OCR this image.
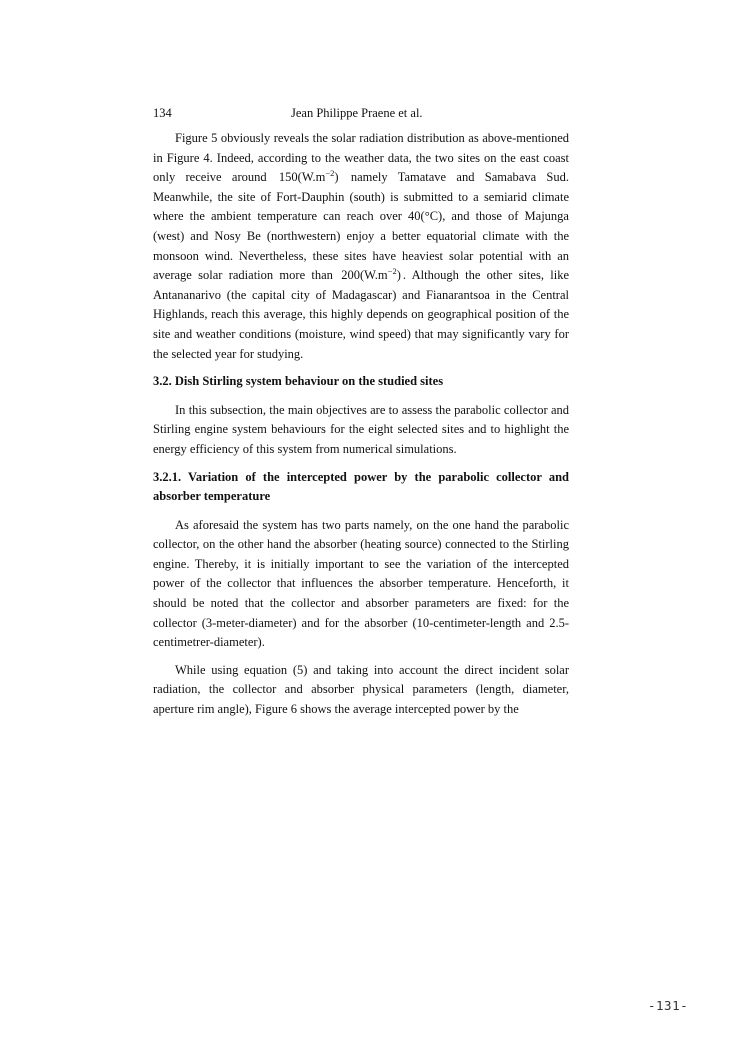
134	Jean Philippe Praene et al.

Figure 5 obviously reveals the solar radiation distribution as above-mentioned in Figure 4. Indeed, according to the weather data, the two sites on the east coast only receive around $150(W.m^{-2})$ namely Tamatave and Samabava Sud. Meanwhile, the site of Fort-Dauphin (south) is submitted to a semiarid climate where the ambient temperature can reach over 40(°C), and those of Majunga (west) and Nosy Be (northwestern) enjoy a better equatorial climate with the monsoon wind. Nevertheless, these sites have heaviest solar potential with an average solar radiation more than $200(W.m^{-2})$ . Although the other sites, like Antananarivo (the capital city of Madagascar) and Fianarantsoa in the Central Highlands, reach this average, this highly depends on geographical position of the site and weather conditions (moisture, wind speed) that may significantly vary for the selected year for studying.

3.2. Dish Stirling system behaviour on the studied sites

In this subsection, the main objectives are to assess the parabolic collector and Stirling engine system behaviours for the eight selected sites and to highlight the energy efficiency of this system from numerical simulations.

3.2.1. Variation of the intercepted power by the parabolic collector and absorber temperature

As aforesaid the system has two parts namely, on the one hand the parabolic collector, on the other hand the absorber (heating source) connected to the Stirling engine. Thereby, it is initially important to see the variation of the intercepted power of the collector that influences the absorber temperature. Henceforth, it should be noted that the collector and absorber parameters are fixed: for the collector (3-meter-diameter) and for the absorber (10-centimeter-length and 2.5-centimetrer-diameter).

While using equation (5) and taking into account the direct incident solar radiation, the collector and absorber physical parameters (length, diameter, aperture rim angle), Figure 6 shows the average intercepted power by the

-131-
